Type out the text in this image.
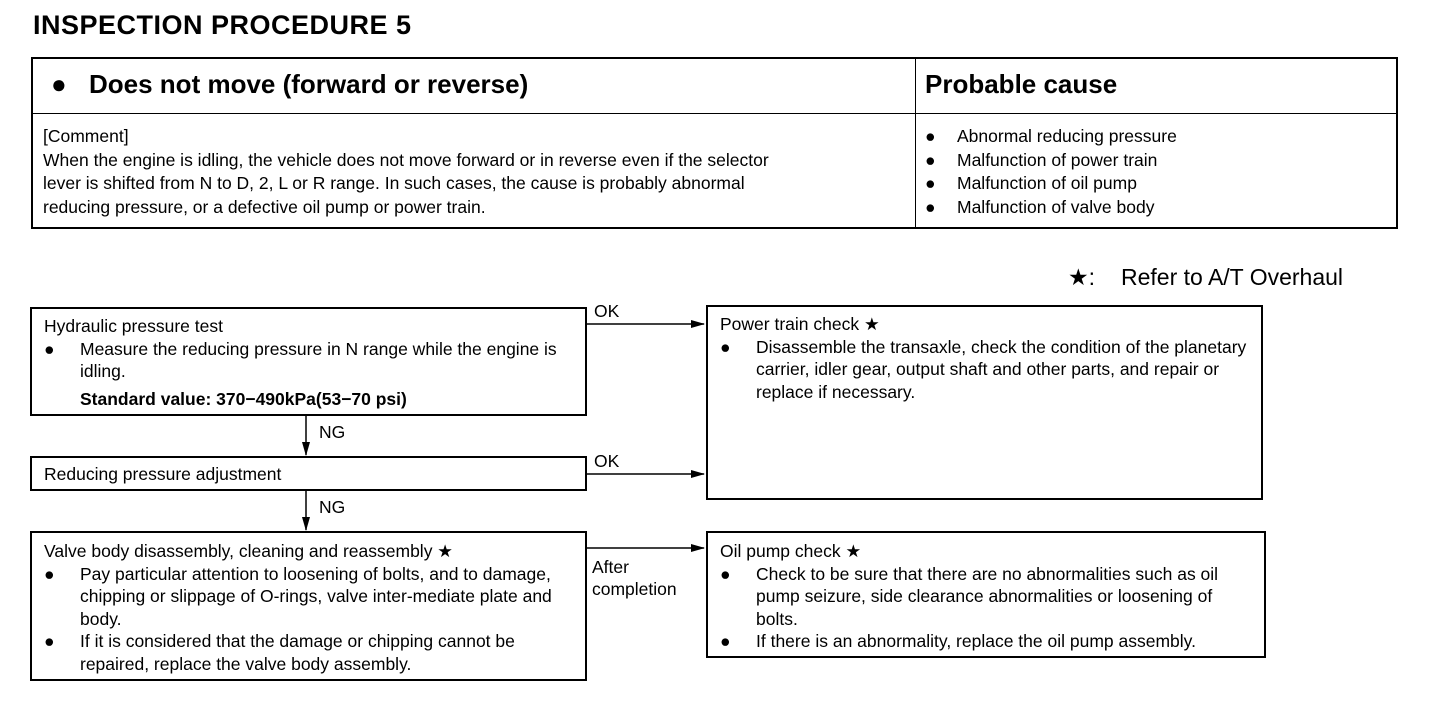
INSPECTION PROCEDURE 5
● Does not move (forward or reverse)	Probable cause
[Comment]
When the engine is idling, the vehicle does not move forward or in reverse even if the selector
lever is shifted from N to D, 2, L or R range. In such cases, the cause is probably abnormal
reducing pressure, or a defective oil pump or power train.
● Abnormal reducing pressure
● Malfunction of power train
● Malfunction of oil pump
● Malfunction of valve body
★: Refer to A/T Overhaul
Hydraulic pressure test
●	Measure the reducing pressure in N range while the engine is idling.
Standard value: 370−490kPa(53−70 psi)
Reducing pressure adjustment
Valve body disassembly, cleaning and reassembly ★
●	Pay particular attention to loosening of bolts, and to damage, chipping or slippage of O-rings, valve inter-mediate plate and body.
●	If it is considered that the damage or chipping cannot be repaired, replace the valve body assembly.
Power train check ★
●	Disassemble the transaxle, check the condition of the planetary carrier, idler gear, output shaft and other parts, and repair or replace if necessary.
Oil pump check ★
●	Check to be sure that there are no abnormalities such as oil pump seizure, side clearance abnormalities or loosening of bolts.
●	If there is an abnormality, replace the oil pump assembly.
OK
NG
OK
NG
After
completion
